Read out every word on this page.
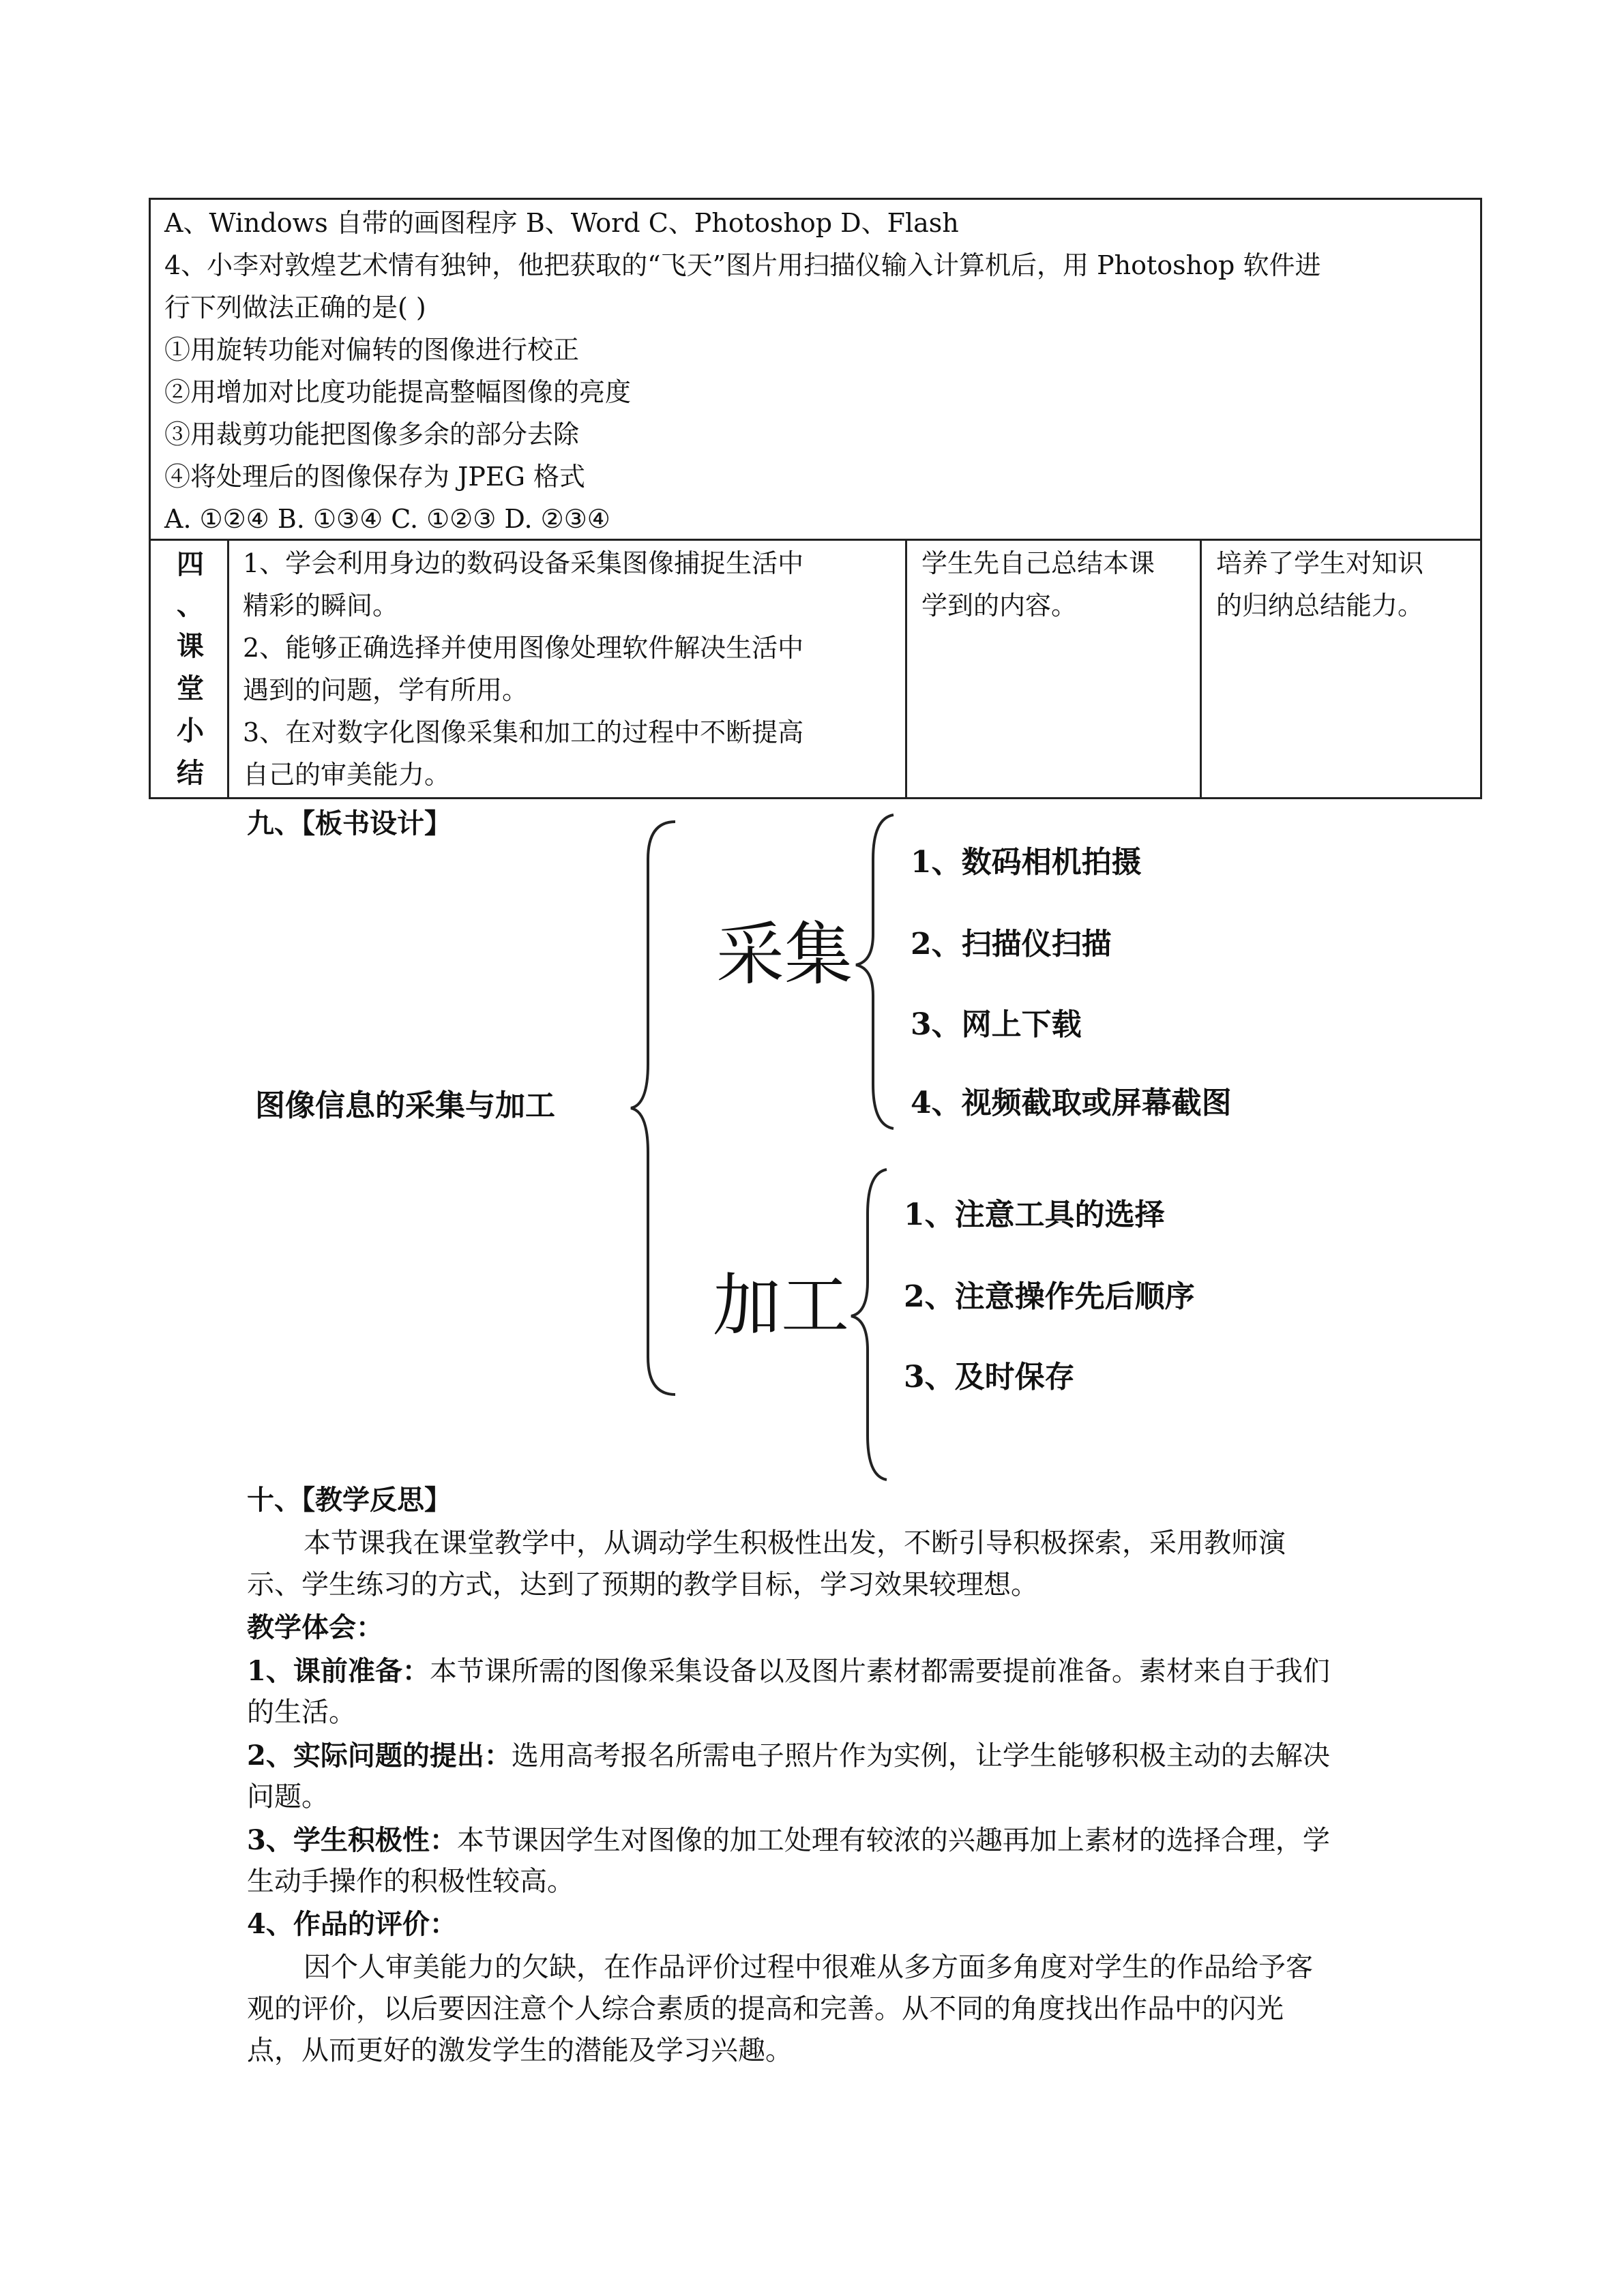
A、Windows 自带的画图程序 B、Word C、Photoshop D、Flash
4、小李对敦煌艺术情有独钟，他把获取的“飞天”图片用扫描仪输入计算机后，用 Photoshop 软件进
行下列做法正确的是( )
①用旋转功能对偏转的图像进行校正
②用增加对比度功能提高整幅图像的亮度
③用裁剪功能把图像多余的部分去除
④将处理后的图像保存为 JPEG 格式
A. ①②④ B. ①③④ C. ①②③ D. ②③④
四
、
课
堂
小
结
1、学会利用身边的数码设备采集图像捕捉生活中
精彩的瞬间。
2、能够正确选择并使用图像处理软件解决生活中
遇到的问题，学有所用。
3、在对数字化图像采集和加工的过程中不断提高
自己的审美能力。
学生先自己总结本课
学到的内容。
培养了学生对知识
的归纳总结能力。
九、【板书设计】
图像信息的采集与加工
采集
1、数码相机拍摄
2、扫描仪扫描
3、网上下载
4、视频截取或屏幕截图
加工
1、注意工具的选择
2、注意操作先后顺序
3、及时保存
十、【教学反思】
本节课我在课堂教学中，从调动学生积极性出发，不断引导积极探索，采用教师演
示、学生练习的方式，达到了预期的教学目标，学习效果较理想。
教学体会：
1、课前准备：本节课所需的图像采集设备以及图片素材都需要提前准备。素材来自于我们
的生活。
2、实际问题的提出：选用高考报名所需电子照片作为实例，让学生能够积极主动的去解决
问题。
3、学生积极性：本节课因学生对图像的加工处理有较浓的兴趣再加上素材的选择合理，学
生动手操作的积极性较高。
4、作品的评价：
因个人审美能力的欠缺，在作品评价过程中很难从多方面多角度对学生的作品给予客
观的评价，以后要因注意个人综合素质的提高和完善。从不同的角度找出作品中的闪光
点，从而更好的激发学生的潜能及学习兴趣。
